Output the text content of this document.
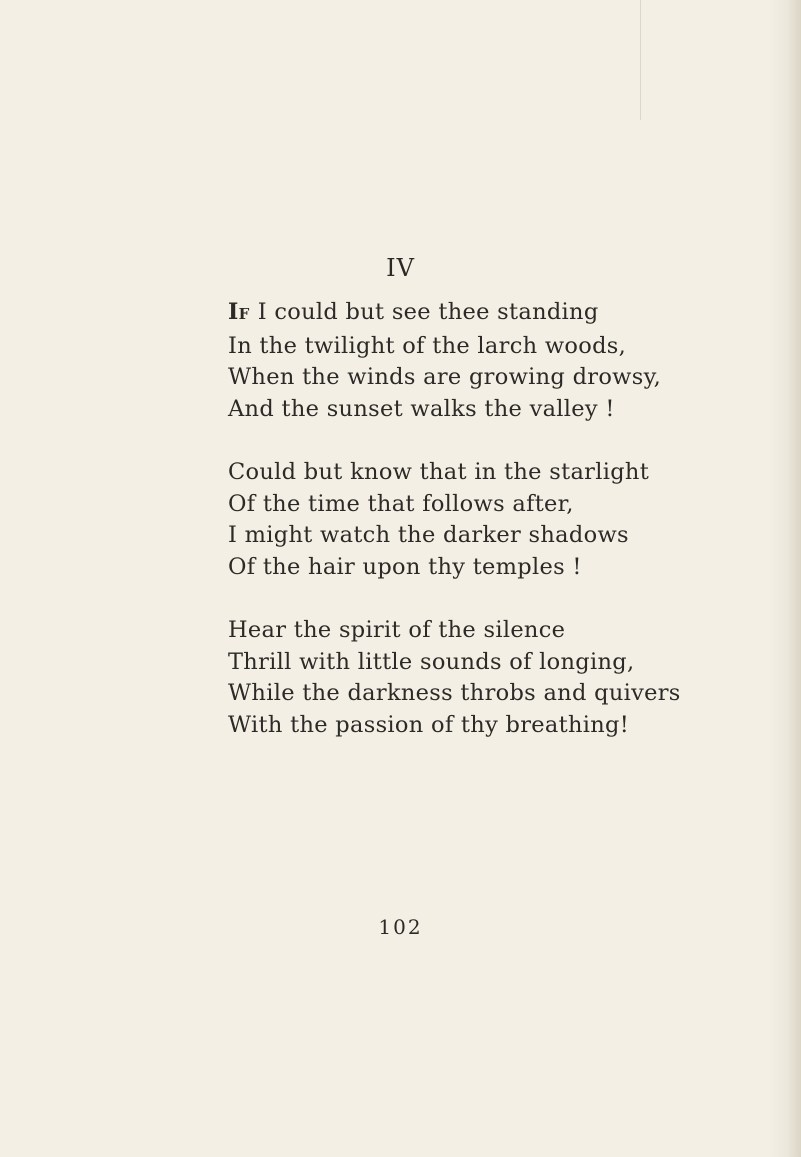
IV
IF I could but see thee standing
In the twilight of the larch woods,
When the winds are growing drowsy,
And the sunset walks the valley !
Could but know that in the starlight
Of the time that follows after,
I might watch the darker shadows
Of the hair upon thy temples !
Hear the spirit of the silence
Thrill with little sounds of longing,
While the darkness throbs and quivers
With the passion of thy breathing!
102
